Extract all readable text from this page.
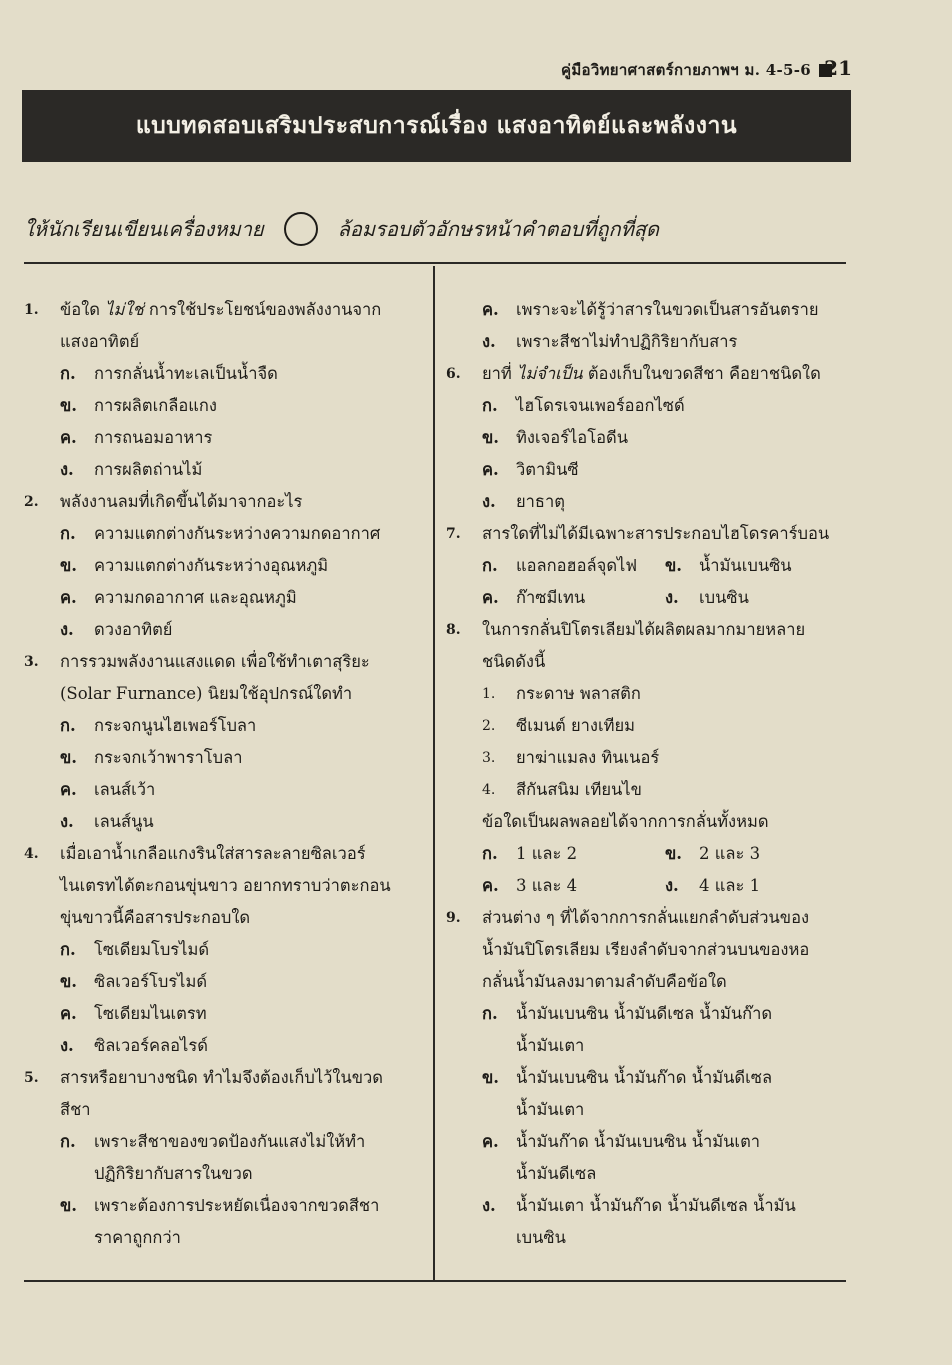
คู่มือวิทยาศาสตร์กายภาพฯ ม. 4-5-6 21
แบบทดสอบเสริมประสบการณ์เรื่อง แสงอาทิตย์และพลังงาน
ให้นักเรียนเขียนเครื่องหมาย	ล้อมรอบตัวอักษรหน้าคำตอบที่ถูกที่สุด
1.	ข้อใด ไม่ใช่ การใช้ประโยชน์ของพลังงานจาก
แสงอาทิตย์
ก.	การกลั่นน้ำทะเลเป็นน้ำจืด
ข.	การผลิตเกลือแกง
ค.	การถนอมอาหาร
ง.	การผลิตถ่านไม้
2.	พลังงานลมที่เกิดขึ้นได้มาจากอะไร
ก.	ความแตกต่างกันระหว่างความกดอากาศ
ข.	ความแตกต่างกันระหว่างอุณหภูมิ
ค.	ความกดอากาศ และอุณหภูมิ
ง.	ดวงอาทิตย์
3.	การรวมพลังงานแสงแดด เพื่อใช้ทำเตาสุริยะ
(Solar Furnance) นิยมใช้อุปกรณ์ใดทำ
ก.	กระจกนูนไฮเพอร์โบลา
ข.	กระจกเว้าพาราโบลา
ค.	เลนส์เว้า
ง.	เลนส์นูน
4.	เมื่อเอาน้ำเกลือแกงรินใส่สารละลายซิลเวอร์
ไนเตรทได้ตะกอนขุ่นขาว อยากทราบว่าตะกอน
ขุ่นขาวนี้คือสารประกอบใด
ก.	โซเดียมโบรไมด์
ข.	ซิลเวอร์โบรไมด์
ค.	โซเดียมไนเตรท
ง.	ซิลเวอร์คลอไรด์
5.	สารหรือยาบางชนิด ทำไมจึงต้องเก็บไว้ในขวด
สีชา
ก.	เพราะสีชาของขวดป้องกันแสงไม่ให้ทำ
ปฏิกิริยากับสารในขวด
ข.	เพราะต้องการประหยัดเนื่องจากขวดสีชา
ราคาถูกกว่า
ค.	เพราะจะได้รู้ว่าสารในขวดเป็นสารอันตราย
ง.	เพราะสีชาไม่ทำปฏิกิริยากับสาร
6.	ยาที่ ไม่จำเป็น ต้องเก็บในขวดสีชา คือยาชนิดใด
ก.	ไฮโดรเจนเพอร์ออกไซด์
ข.	ทิงเจอร์ไอโอดีน
ค.	วิตามินซี
ง.	ยาธาตุ
7.	สารใดที่ไม่ได้มีเฉพาะสารประกอบไฮโดรคาร์บอน
ก.	แอลกอฮอล์จุดไฟ ข.	น้ำมันเบนซิน
ค.	ก๊าซมีเทน	ง.	เบนซิน
8.	ในการกลั่นปิโตรเลียมได้ผลิตผลมากมายหลาย
ชนิดดังนี้
1.	กระดาษ พลาสติก
2.	ซีเมนต์ ยางเทียม
3.	ยาฆ่าแมลง ทินเนอร์
4.	สีกันสนิม เทียนไข
ข้อใดเป็นผลพลอยได้จากการกลั่นทั้งหมด
ก.	1 และ 2	ข.	2 และ 3
ค.	3 และ 4	ง.	4 และ 1
9.	ส่วนต่าง ๆ ที่ได้จากการกลั่นแยกลำดับส่วนของ
น้ำมันปิโตรเลียม เรียงลำดับจากส่วนบนของหอ
กลั่นน้ำมันลงมาตามลำดับคือข้อใด
ก.	น้ำมันเบนซิน น้ำมันดีเซล น้ำมันก๊าด
น้ำมันเตา
ข.	น้ำมันเบนซิน น้ำมันก๊าด น้ำมันดีเซล
น้ำมันเตา
ค.	น้ำมันก๊าด น้ำมันเบนซิน น้ำมันเตา
น้ำมันดีเซล
ง.	น้ำมันเตา น้ำมันก๊าด น้ำมันดีเซล น้ำมัน
เบนซิน
